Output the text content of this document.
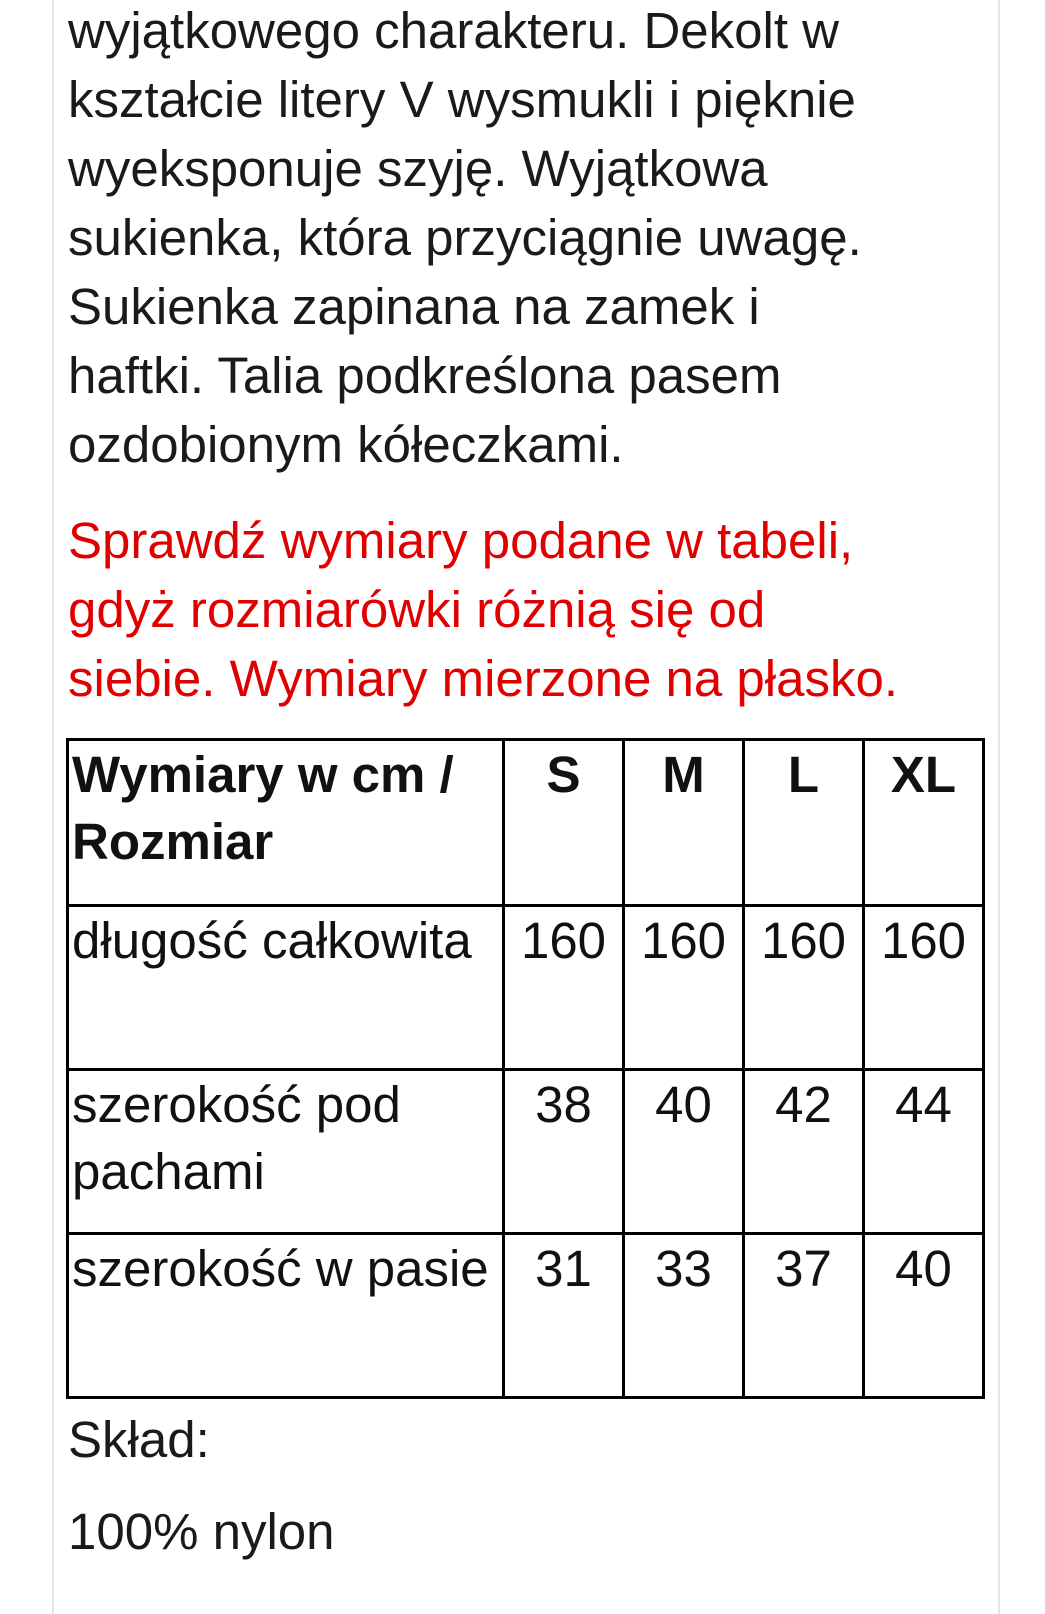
wyjątkowego charakteru. Dekolt w
kształcie litery V wysmukli i pięknie
wyeksponuje szyję. Wyjątkowa
sukienka, która przyciągnie uwagę.
Sukienka zapinana na zamek i
haftki. Talia podkreślona pasem
ozdobionym kółeczkami.

Sprawdź wymiary podane w tabeli,
gdyż rozmiarówki różnią się od
siebie. Wymiary mierzone na płasko.

Wymiary w cm / Rozmiar	S	M	L	XL
długość całkowita	160	160	160	160
szerokość pod pachami	38	40	42	44
szerokość w pasie	31	33	37	40

Skład:

100% nylon
